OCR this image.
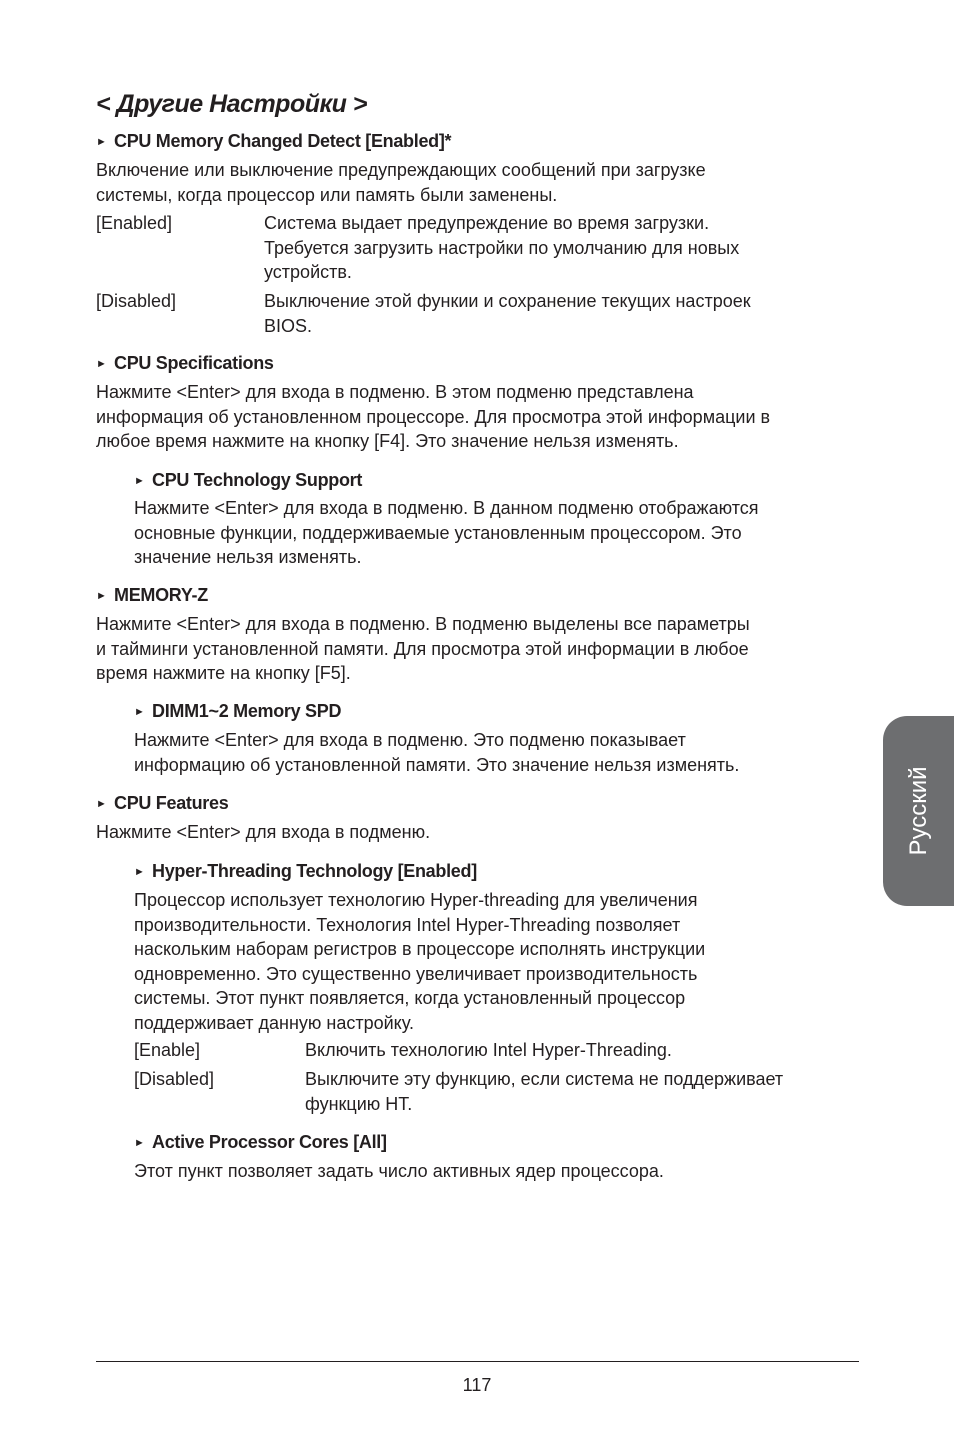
< Другие Настройки >
► CPU Memory Changed Detect [Enabled]*
Включение или выключение предупреждающих сообщений при загрузке
системы, когда процессор или память были заменены.
[Enabled]	Система выдает предупреждение во время загрузки.
Требуется загрузить настройки по умолчанию для новых
устройств.
[Disabled]	Выключение этой функии и сохранение текущих настроек
BIOS.
► CPU Specifications
Нажмите <Enter> для входа в подменю. В этом подменю представлена
информация об установленном процессоре. Для просмотра этой информации в
любое время нажмите на кнопку [F4]. Это значение нельзя изменять.
► CPU Technology Support
Нажмите <Enter> для входа в подменю. В данном подменю отображаются
основные функции, поддерживаемые установленным процессором. Это
значение нельзя изменять.
► MEMORY-Z
Нажмите <Enter> для входа в подменю. В подменю выделены все параметры
и тайминги установленной памяти. Для просмотра этой информации в любое
время нажмите на кнопку [F5].
► DIMM1~2 Memory SPD
Нажмите <Enter> для входа в подменю. Это подменю показывает
информацию об установленной памяти. Это значение нельзя изменять.
► CPU Features
Нажмите <Enter> для входа в подменю.
► Hyper-Threading Technology [Enabled]
Процессор использует технологию Hyper-threading для увеличения
производительности. Технология Intel Hyper-Threading позволяет
наскольким наборам регистров в процессоре исполнять инструкции
одновременно. Это существенно увеличивает производительность
системы. Этот пункт появляется, когда установленный процессор
поддерживает данную настройку.
[Enable]	Включить технологию Intel Hyper-Threading.
[Disabled]	Выключите эту функцию, если система не поддерживает
функцию HT.
► Active Processor Cores [All]
Этот пункт позволяет задать число активных ядер процессора.
Русский
117
